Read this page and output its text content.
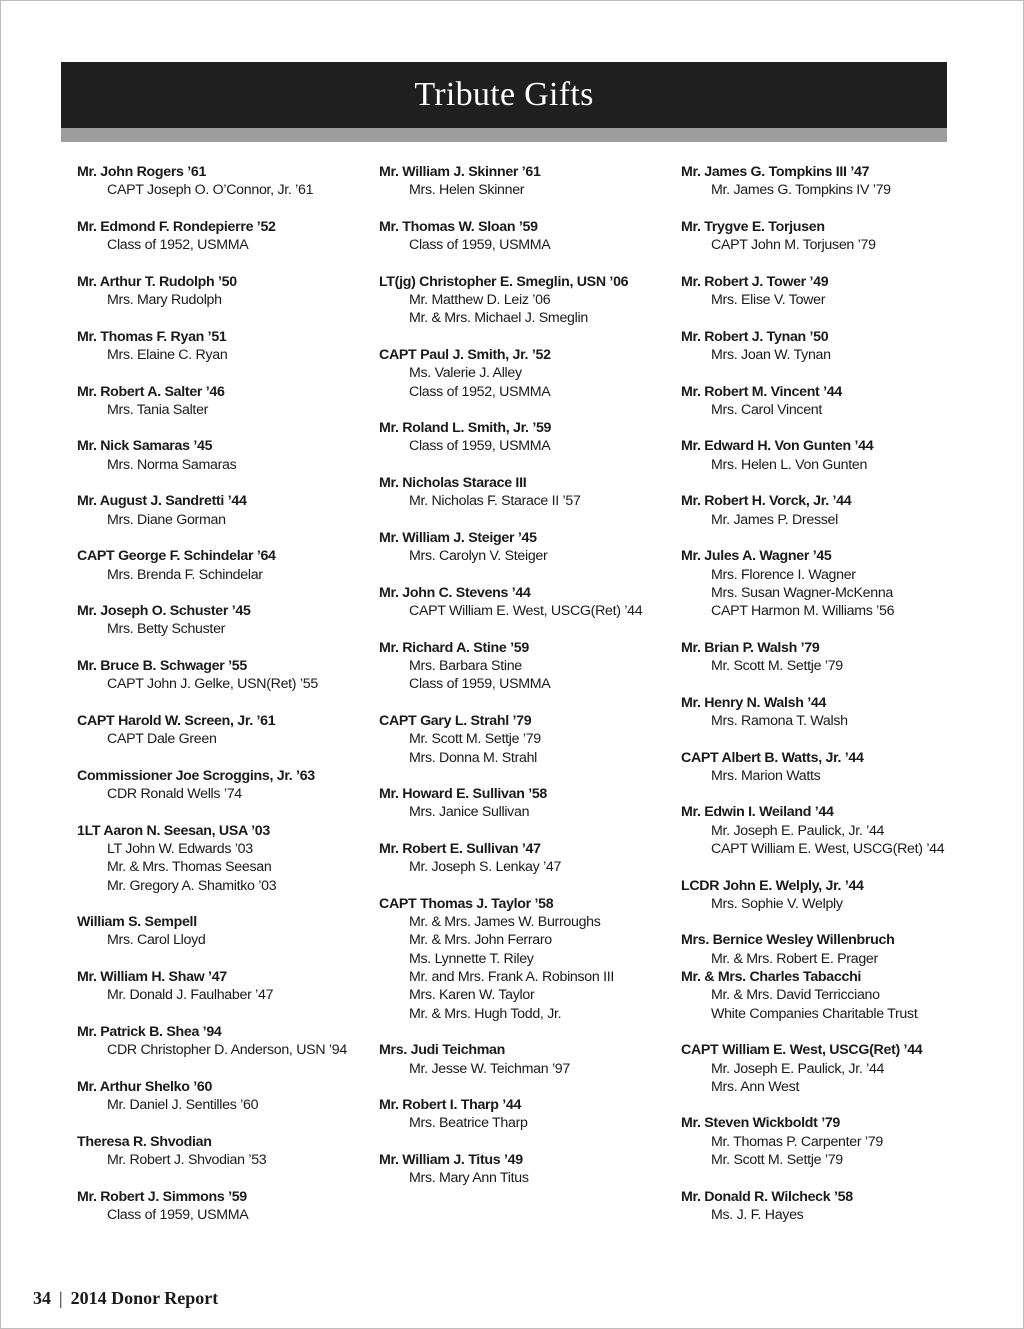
Tribute Gifts
Mr. John Rogers ’61
CAPT Joseph O. O’Connor, Jr. ’61
Mr. Edmond F. Rondepierre ’52
Class of 1952, USMMA
Mr. Arthur T. Rudolph ’50
Mrs. Mary Rudolph
Mr. Thomas F. Ryan ’51
Mrs. Elaine C. Ryan
Mr. Robert A. Salter ’46
Mrs. Tania Salter
Mr. Nick Samaras ’45
Mrs. Norma Samaras
Mr. August J. Sandretti ’44
Mrs. Diane Gorman
CAPT George F. Schindelar ’64
Mrs. Brenda F. Schindelar
Mr. Joseph O. Schuster ’45
Mrs. Betty Schuster
Mr. Bruce B. Schwager ’55
CAPT John J. Gelke, USN(Ret) ’55
CAPT Harold W. Screen, Jr. ’61
CAPT Dale Green
Commissioner Joe Scroggins, Jr. ’63
CDR Ronald Wells ’74
1LT Aaron N. Seesan, USA ’03
LT John W. Edwards ’03
Mr. & Mrs. Thomas Seesan
Mr. Gregory A. Shamitko ’03
William S. Sempell
Mrs. Carol Lloyd
Mr. William H. Shaw ’47
Mr. Donald J. Faulhaber ’47
Mr. Patrick B. Shea ’94
CDR Christopher D. Anderson, USN ’94
Mr. Arthur Shelko ’60
Mr. Daniel J. Sentilles ’60
Theresa R. Shvodian
Mr. Robert J. Shvodian ’53
Mr. Robert J. Simmons ’59
Class of 1959, USMMA
Mr. William J. Skinner ’61
Mrs. Helen Skinner
Mr. Thomas W. Sloan ’59
Class of 1959, USMMA
LT(jg) Christopher E. Smeglin, USN ’06
Mr. Matthew D. Leiz ’06
Mr. & Mrs. Michael J. Smeglin
CAPT Paul J. Smith, Jr. ’52
Ms. Valerie J. Alley
Class of 1952, USMMA
Mr. Roland L. Smith, Jr. ’59
Class of 1959, USMMA
Mr. Nicholas Starace III
Mr. Nicholas F. Starace II ’57
Mr. William J. Steiger ’45
Mrs. Carolyn V. Steiger
Mr. John C. Stevens ’44
CAPT William E. West, USCG(Ret) ’44
Mr. Richard A. Stine ’59
Mrs. Barbara Stine
Class of 1959, USMMA
CAPT Gary L. Strahl ’79
Mr. Scott M. Settje ’79
Mrs. Donna M. Strahl
Mr. Howard E. Sullivan ’58
Mrs. Janice Sullivan
Mr. Robert E. Sullivan ’47
Mr. Joseph S. Lenkay ’47
CAPT Thomas J. Taylor ’58
Mr. & Mrs. James W. Burroughs
Mr. & Mrs. John Ferraro
Ms. Lynnette T. Riley
Mr. and Mrs. Frank A. Robinson III
Mrs. Karen W. Taylor
Mr. & Mrs. Hugh Todd, Jr.
Mrs. Judi Teichman
Mr. Jesse W. Teichman ’97
Mr. Robert I. Tharp ’44
Mrs. Beatrice Tharp
Mr. William J. Titus ’49
Mrs. Mary Ann Titus
Mr. James G. Tompkins III ’47
Mr. James G. Tompkins IV ’79
Mr. Trygve E. Torjusen
CAPT John M. Torjusen ’79
Mr. Robert J. Tower ’49
Mrs. Elise V. Tower
Mr. Robert J. Tynan ’50
Mrs. Joan W. Tynan
Mr. Robert M. Vincent ’44
Mrs. Carol Vincent
Mr. Edward H. Von Gunten ’44
Mrs. Helen L. Von Gunten
Mr. Robert H. Vorck, Jr. ’44
Mr. James P. Dressel
Mr. Jules A. Wagner ’45
Mrs. Florence I. Wagner
Mrs. Susan Wagner-McKenna
CAPT Harmon M. Williams ’56
Mr. Brian P. Walsh ’79
Mr. Scott M. Settje ’79
Mr. Henry N. Walsh ’44
Mrs. Ramona T. Walsh
CAPT Albert B. Watts, Jr. ’44
Mrs. Marion Watts
Mr. Edwin I. Weiland ’44
Mr. Joseph E. Paulick, Jr. ’44
CAPT William E. West, USCG(Ret) ’44
LCDR John E. Welply, Jr. ’44
Mrs. Sophie V. Welply
Mrs. Bernice Wesley Willenbruch
Mr. & Mrs. Robert E. Prager
Mr. & Mrs. Charles Tabacchi
Mr. & Mrs. David Terricciano
White Companies Charitable Trust
CAPT William E. West, USCG(Ret) ’44
Mr. Joseph E. Paulick, Jr. ’44
Mrs. Ann West
Mr. Steven Wickboldt ’79
Mr. Thomas P. Carpenter ’79
Mr. Scott M. Settje ’79
Mr. Donald R. Wilcheck ’58
Ms. J. F. Hayes
34 | 2014 Donor Report
